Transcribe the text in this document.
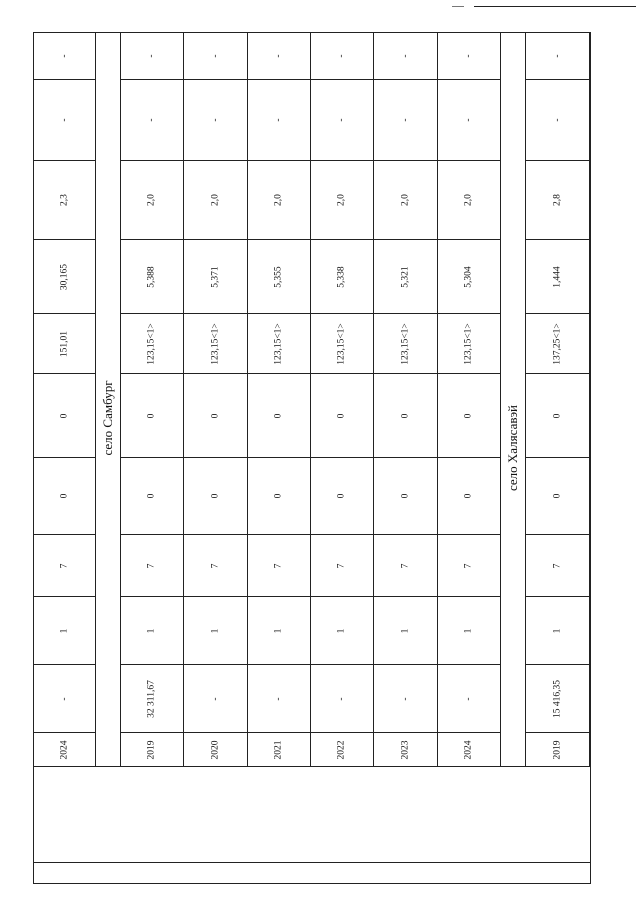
-
-
2,3
30,165
151,01
0
0
7
1
-
2024
село Самбург
-
-
2,0
5,388
123,15<1>
0
0
7
1
32 311,67
2019
-
-
2,0
5,371
123,15<1>
0
0
7
1
-
2020
-
-
2,0
5,355
123,15<1>
0
0
7
1
-
2021
-
-
2,0
5,338
123,15<1>
0
0
7
1
-
2022
-
-
2,0
5,321
123,15<1>
0
0
7
1
-
2023
-
-
2,0
5,304
123,15<1>
0
0
7
1
-
2024
село Халясавэй
-
-
2,8
1,444
137,25<1>
0
0
7
1
15 416,35
2019
